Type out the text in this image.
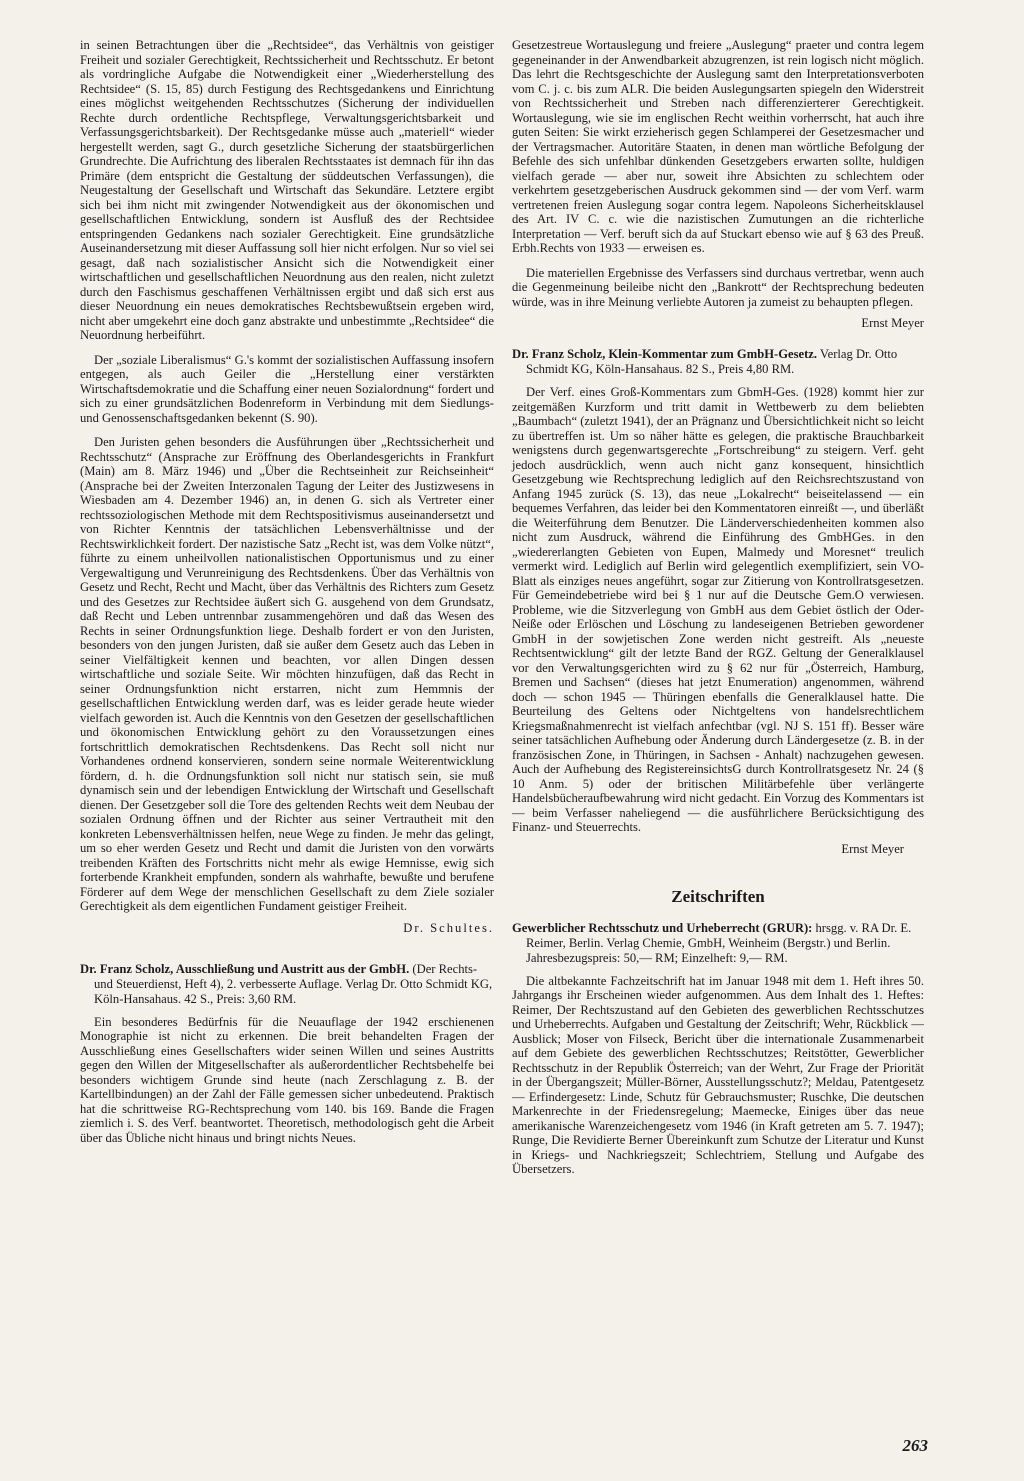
in seinen Betrachtungen über die „Rechtsidee“, das Verhältnis von geistiger Freiheit und sozialer Gerechtigkeit, Rechtssicherheit und Rechtsschutz. Er betont als vordringliche Aufgabe die Notwendigkeit einer „Wiederherstellung des Rechtsidee“ (S. 15, 85) durch Festigung des Rechtsgedankens und Einrichtung eines möglichst weitgehenden Rechtsschutzes (Sicherung der individuellen Rechte durch ordentliche Rechtspflege, Verwaltungsgerichtsbarkeit und Verfassungsgerichtsbarkeit). Der Rechtsgedanke müsse auch „materiell“ wieder hergestellt werden, sagt G., durch gesetzliche Sicherung der staatsbürgerlichen Grundrechte. Die Aufrichtung des liberalen Rechtsstaates ist demnach für ihn das Primäre (dem entspricht die Gestaltung der süddeutschen Verfassungen), die Neugestaltung der Gesellschaft und Wirtschaft das Sekundäre. Letztere ergibt sich bei ihm nicht mit zwingender Notwendigkeit aus der ökonomischen und gesellschaftlichen Entwicklung, sondern ist Ausfluß des der Rechtsidee entspringenden Gedankens nach sozialer Gerechtigkeit. Eine grundsätzliche Auseinandersetzung mit dieser Auffassung soll hier nicht erfolgen. Nur so viel sei gesagt, daß nach sozialistischer Ansicht sich die Notwendigkeit einer wirtschaftlichen und gesellschaftlichen Neuordnung aus den realen, nicht zuletzt durch den Faschismus geschaffenen Verhältnissen ergibt und daß sich erst aus dieser Neuordnung ein neues demokratisches Rechtsbewußtsein ergeben wird, nicht aber umgekehrt eine doch ganz abstrakte und unbestimmte „Rechtsidee“ die Neuordnung herbeiführt.

Der „soziale Liberalismus“ G.'s kommt der sozialistischen Auffassung insofern entgegen, als auch Geiler die „Herstellung einer verstärkten Wirtschaftsdemokratie und die Schaffung einer neuen Sozialordnung“ fordert und sich zu einer grundsätzlichen Bodenreform in Verbindung mit dem Siedlungs- und Genossenschaftsgedanken bekennt (S. 90).

Den Juristen gehen besonders die Ausführungen über „Rechtssicherheit und Rechtsschutz“ (Ansprache zur Eröffnung des Oberlandesgerichts in Frankfurt (Main) am 8. März 1946) und „Über die Rechtseinheit zur Reichseinheit“ (Ansprache bei der Zweiten Interzonalen Tagung der Leiter des Justizwesens in Wiesbaden am 4. Dezember 1946) an, in denen G. sich als Vertreter einer rechtssoziologischen Methode mit dem Rechtspositivismus auseinandersetzt und von Richter Kenntnis der tatsächlichen Lebensverhältnisse und der Rechtswirklichkeit fordert. Der nazistische Satz „Recht ist, was dem Volke nützt“, führte zu einem unheilvollen nationalistischen Opportunismus und zu einer Vergewaltigung und Verunreinigung des Rechtsdenkens. Über das Verhältnis von Gesetz und Recht, Recht und Macht, über das Verhältnis des Richters zum Gesetz und des Gesetzes zur Rechtsidee äußert sich G. ausgehend von dem Grundsatz, daß Recht und Leben untrennbar zusammengehören und daß das Wesen des Rechts in seiner Ordnungsfunktion liege. Deshalb fordert er von den Juristen, besonders von den jungen Juristen, daß sie außer dem Gesetz auch das Leben in seiner Vielfältigkeit kennen und beachten, vor allen Dingen dessen wirtschaftliche und soziale Seite. Wir möchten hinzufügen, daß das Recht in seiner Ordnungsfunktion nicht erstarren, nicht zum Hemmnis der gesellschaftlichen Entwicklung werden darf, was es leider gerade heute wieder vielfach geworden ist. Auch die Kenntnis von den Gesetzen der gesellschaftlichen und ökonomischen Entwicklung gehört zu den Voraussetzungen eines fortschrittlich demokratischen Rechtsdenkens. Das Recht soll nicht nur Vorhandenes ordnend konservieren, sondern seine normale Weiterentwicklung fördern, d. h. die Ordnungsfunktion soll nicht nur statisch sein, sie muß dynamisch sein und der lebendigen Entwicklung der Wirtschaft und Gesellschaft dienen. Der Gesetzgeber soll die Tore des geltenden Rechts weit dem Neubau der sozialen Ordnung öffnen und der Richter aus seiner Vertrautheit mit den konkreten Lebensverhältnissen helfen, neue Wege zu finden. Je mehr das gelingt, um so eher werden Gesetz und Recht und damit die Juristen von den vorwärts treibenden Kräften des Fortschritts nicht mehr als ewige Hemnisse, ewig sich forterbende Krankheit empfunden, sondern als wahrhafte, bewußte und berufene Förderer auf dem Wege der menschlichen Gesellschaft zu dem Ziele sozialer Gerechtigkeit als dem eigentlichen Fundament geistiger Freiheit.

Dr. Schultes.

Dr. Franz Scholz, Ausschließung und Austritt aus der GmbH. (Der Rechts- und Steuerdienst, Heft 4), 2. verbesserte Auflage. Verlag Dr. Otto Schmidt KG, Köln-Hansahaus. 42 S., Preis: 3,60 RM.

Ein besonderes Bedürfnis für die Neuauflage der 1942 erschienenen Monographie ist nicht zu erkennen. Die breit behandelten Fragen der Ausschließung eines Gesellschafters wider seinen Willen und seines Austritts gegen den Willen der Mitgesellschafter als außerordentlicher Rechtsbehelfe bei besonders wichtigem Grunde sind heute (nach Zerschlagung z. B. der Kartellbindungen) an der Zahl der Fälle gemessen sicher unbedeutend. Praktisch hat die schrittweise RG-Rechtsprechung vom 140. bis 169. Bande die Fragen ziemlich i. S. des Verf. beantwortet. Theoretisch, methodologisch geht die Arbeit über das Übliche nicht hinaus und bringt nichts Neues.

Gesetzestreue Wortauslegung und freiere „Auslegung“ praeter und contra legem gegeneinander in der Anwendbarkeit abzugrenzen, ist rein logisch nicht möglich. Das lehrt die Rechtsgeschichte der Auslegung samt den Interpretationsverboten vom C. j. c. bis zum ALR. Die beiden Auslegungsarten spiegeln den Widerstreit von Rechtssicherheit und Streben nach differenzierterer Gerechtigkeit. Wortauslegung, wie sie im englischen Recht weithin vorherrscht, hat auch ihre guten Seiten: Sie wirkt erzieherisch gegen Schlamperei der Gesetzesmacher und der Vertragsmacher. Autoritäre Staaten, in denen man wörtliche Befolgung der Befehle des sich unfehlbar dünkenden Gesetzgebers erwarten sollte, huldigen vielfach gerade — aber nur, soweit ihre Absichten zu schlechtem oder verkehrtem gesetzgeberischen Ausdruck gekommen sind — der vom Verf. warm vertretenen freien Auslegung sogar contra legem. Napoleons Sicherheitsklausel des Art. IV C. c. wie die nazistischen Zumutungen an die richterliche Interpretation — Verf. beruft sich da auf Stuckart ebenso wie auf § 63 des Preuß. Erbh.Rechts von 1933 — erweisen es.

Die materiellen Ergebnisse des Verfassers sind durchaus vertretbar, wenn auch die Gegenmeinung beileibe nicht den „Bankrott“ der Rechtsprechung bedeuten würde, was in ihre Meinung verliebte Autoren ja zumeist zu behaupten pflegen.

Ernst Meyer

Dr. Franz Scholz, Klein-Kommentar zum GmbH-Gesetz. Verlag Dr. Otto Schmidt KG, Köln-Hansahaus. 82 S., Preis 4,80 RM.

Der Verf. eines Groß-Kommentars zum GbmH-Ges. (1928) kommt hier zur zeitgemäßen Kurzform und tritt damit in Wettbewerb zu dem beliebten „Baumbach“ (zuletzt 1941), der an Prägnanz und Übersichtlichkeit nicht so leicht zu übertreffen ist. Um so näher hätte es gelegen, die praktische Brauchbarkeit wenigstens durch gegenwartsgerechte „Fortschreibung“ zu steigern. Verf. geht jedoch ausdrücklich, wenn auch nicht ganz konsequent, hinsichtlich Gesetzgebung wie Rechtsprechung lediglich auf den Reichsrechtszustand von Anfang 1945 zurück (S. 13), das neue „Lokalrecht“ beiseitelassend — ein bequemes Verfahren, das leider bei den Kommentatoren einreißt —, und überläßt die Weiterführung dem Benutzer. Die Länderverschiedenheiten kommen also nicht zum Ausdruck, während die Einführung des GmbHGes. in den „wiedererlangten Gebieten von Eupen, Malmedy und Moresnet“ treulich vermerkt wird. Lediglich auf Berlin wird gelegentlich exemplifiziert, sein VO-Blatt als einziges neues angeführt, sogar zur Zitierung von Kontrollratsgesetzen. Für Gemeindebetriebe wird bei § 1 nur auf die Deutsche Gem.O verwiesen. Probleme, wie die Sitzverlegung von GmbH aus dem Gebiet östlich der Oder-Neiße oder Erlöschen und Löschung zu landeseigenen Betrieben gewordener GmbH in der sowjetischen Zone werden nicht gestreift. Als „neueste Rechtsentwicklung“ gilt der letzte Band der RGZ. Geltung der Generalklausel vor den Verwaltungsgerichten wird zu § 62 nur für „Österreich, Hamburg, Bremen und Sachsen“ (dieses hat jetzt Enumeration) angenommen, während doch — schon 1945 — Thüringen ebenfalls die Generalklausel hatte. Die Beurteilung des Geltens oder Nichtgeltens von handelsrechtlichem Kriegsmaßnahmenrecht ist vielfach anfechtbar (vgl. NJ S. 151 ff). Besser wäre seiner tatsächlichen Aufhebung oder Änderung durch Ländergesetze (z. B. in der französischen Zone, in Thüringen, in Sachsen - Anhalt) nachzugehen gewesen. Auch der Aufhebung des RegistereinsichtsG durch Kontrollratsgesetz Nr. 24 (§ 10 Anm. 5) oder der britischen Militärbefehle über verlängerte Handelsbücheraufbewahrung wird nicht gedacht. Ein Vorzug des Kommentars ist — beim Verfasser naheliegend — die ausführlichere Berücksichtigung des Finanz- und Steuerrechts.

Ernst Meyer

Zeitschriften
Gewerblicher Rechtsschutz und Urheberrecht (GRUR): hrsgg. v. RA Dr. E. Reimer, Berlin. Verlag Chemie, GmbH, Weinheim (Bergstr.) und Berlin. Jahresbezugspreis: 50,— RM; Einzelheft: 9,— RM.

Die altbekannte Fachzeitschrift hat im Januar 1948 mit dem 1. Heft ihres 50. Jahrgangs ihr Erscheinen wieder aufgenommen. Aus dem Inhalt des 1. Heftes: Reimer, Der Rechtszustand auf den Gebieten des gewerblichen Rechtsschutzes und Urheberrechts. Aufgaben und Gestaltung der Zeitschrift; Wehr, Rückblick — Ausblick; Moser von Filseck, Bericht über die internationale Zusammenarbeit auf dem Gebiete des gewerblichen Rechtsschutzes; Reitstötter, Gewerblicher Rechtsschutz in der Republik Österreich; van der Wehrt, Zur Frage der Priorität in der Übergangszeit; Müller-Börner, Ausstellungsschutz?; Meldau, Patentgesetz — Erfindergesetz: Linde, Schutz für Gebrauchsmuster; Ruschke, Die deutschen Markenrechte in der Friedensregelung; Maemecke, Einiges über das neue amerikanische Warenzeichengesetz vom 1946 (in Kraft getreten am 5. 7. 1947); Runge, Die Revidierte Berner Übereinkunft zum Schutze der Literatur und Kunst in Kriegs- und Nachkriegszeit; Schlechtriem, Stellung und Aufgabe des Übersetzers.

263
